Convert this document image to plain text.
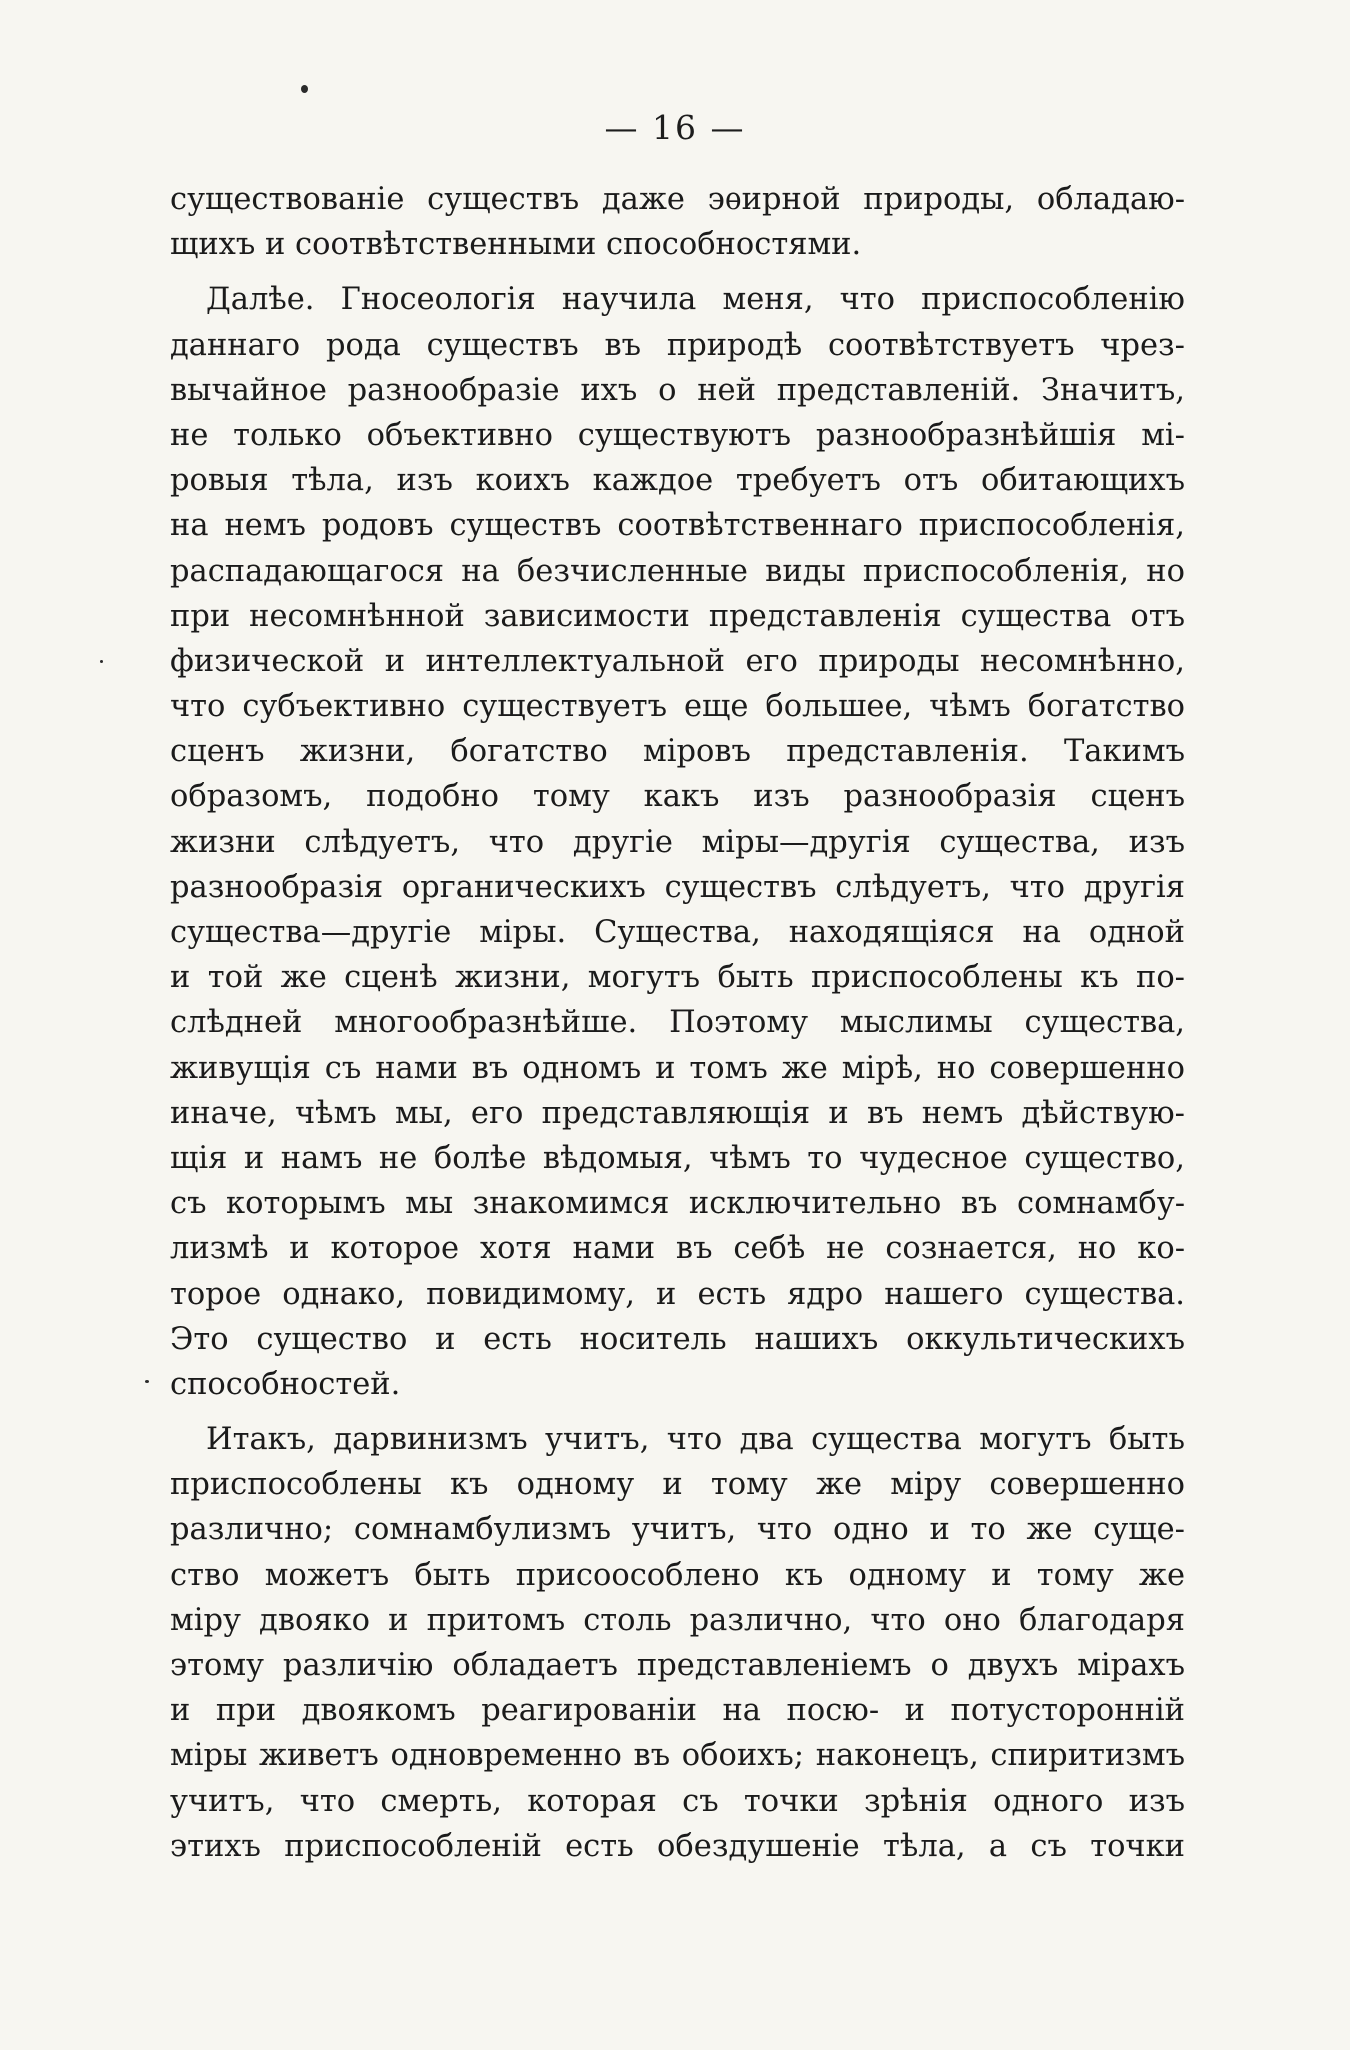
— 16 —
существованіе существъ даже эѳирной природы, обладаю-
щихъ и соотвѣтственными способностями.
Далѣе. Гносеологія научила меня, что приспособленію
даннаго рода существъ въ природѣ соотвѣтствуетъ чрез-
вычайное разнообразіе ихъ о ней представленій. Значитъ,
не только объективно существуютъ разнообразнѣйшія мі-
ровыя тѣла, изъ коихъ каждое требуетъ отъ обитающихъ
на немъ родовъ существъ соотвѣтственнаго приспособленія,
распадающагося на безчисленные виды приспособленія, но
при несомнѣнной зависимости представленія существа отъ
физической и интеллектуальной его природы несомнѣнно,
что субъективно существуетъ еще большее, чѣмъ богатство
сценъ жизни, богатство міровъ представленія. Такимъ
образомъ, подобно тому какъ изъ разнообразія сценъ
жизни слѣдуетъ, что другіе міры—другія существа, изъ
разнообразія органическихъ существъ слѣдуетъ, что другія
существа—другіе міры. Существа, находящіяся на одной
и той же сценѣ жизни, могутъ быть приспособлены къ по-
слѣдней многообразнѣйше. Поэтому мыслимы существа,
живущія съ нами въ одномъ и томъ же мірѣ, но совершенно
иначе, чѣмъ мы, его представляющія и въ немъ дѣйствую-
щія и намъ не болѣе вѣдомыя, чѣмъ то чудесное существо,
съ которымъ мы знакомимся исключительно въ сомнамбу-
лизмѣ и которое хотя нами въ себѣ не сознается, но ко-
торое однако, повидимому, и есть ядро нашего существа.
Это существо и есть носитель нашихъ оккультическихъ
способностей.
Итакъ, дарвинизмъ учитъ, что два существа могутъ быть
приспособлены къ одному и тому же міру совершенно
различно; сомнамбулизмъ учитъ, что одно и то же суще-
ство можетъ быть присоособлено къ одному и тому же
міру двояко и притомъ столь различно, что оно благодаря
этому различію обладаетъ представленіемъ о двухъ мірахъ
и при двоякомъ реагированіи на посю- и потусторонній
міры живетъ одновременно въ обоихъ; наконецъ, спиритизмъ
учитъ, что смерть, которая съ точки зрѣнія одного изъ
этихъ приспособленій есть обездушеніе тѣла, а съ точки
